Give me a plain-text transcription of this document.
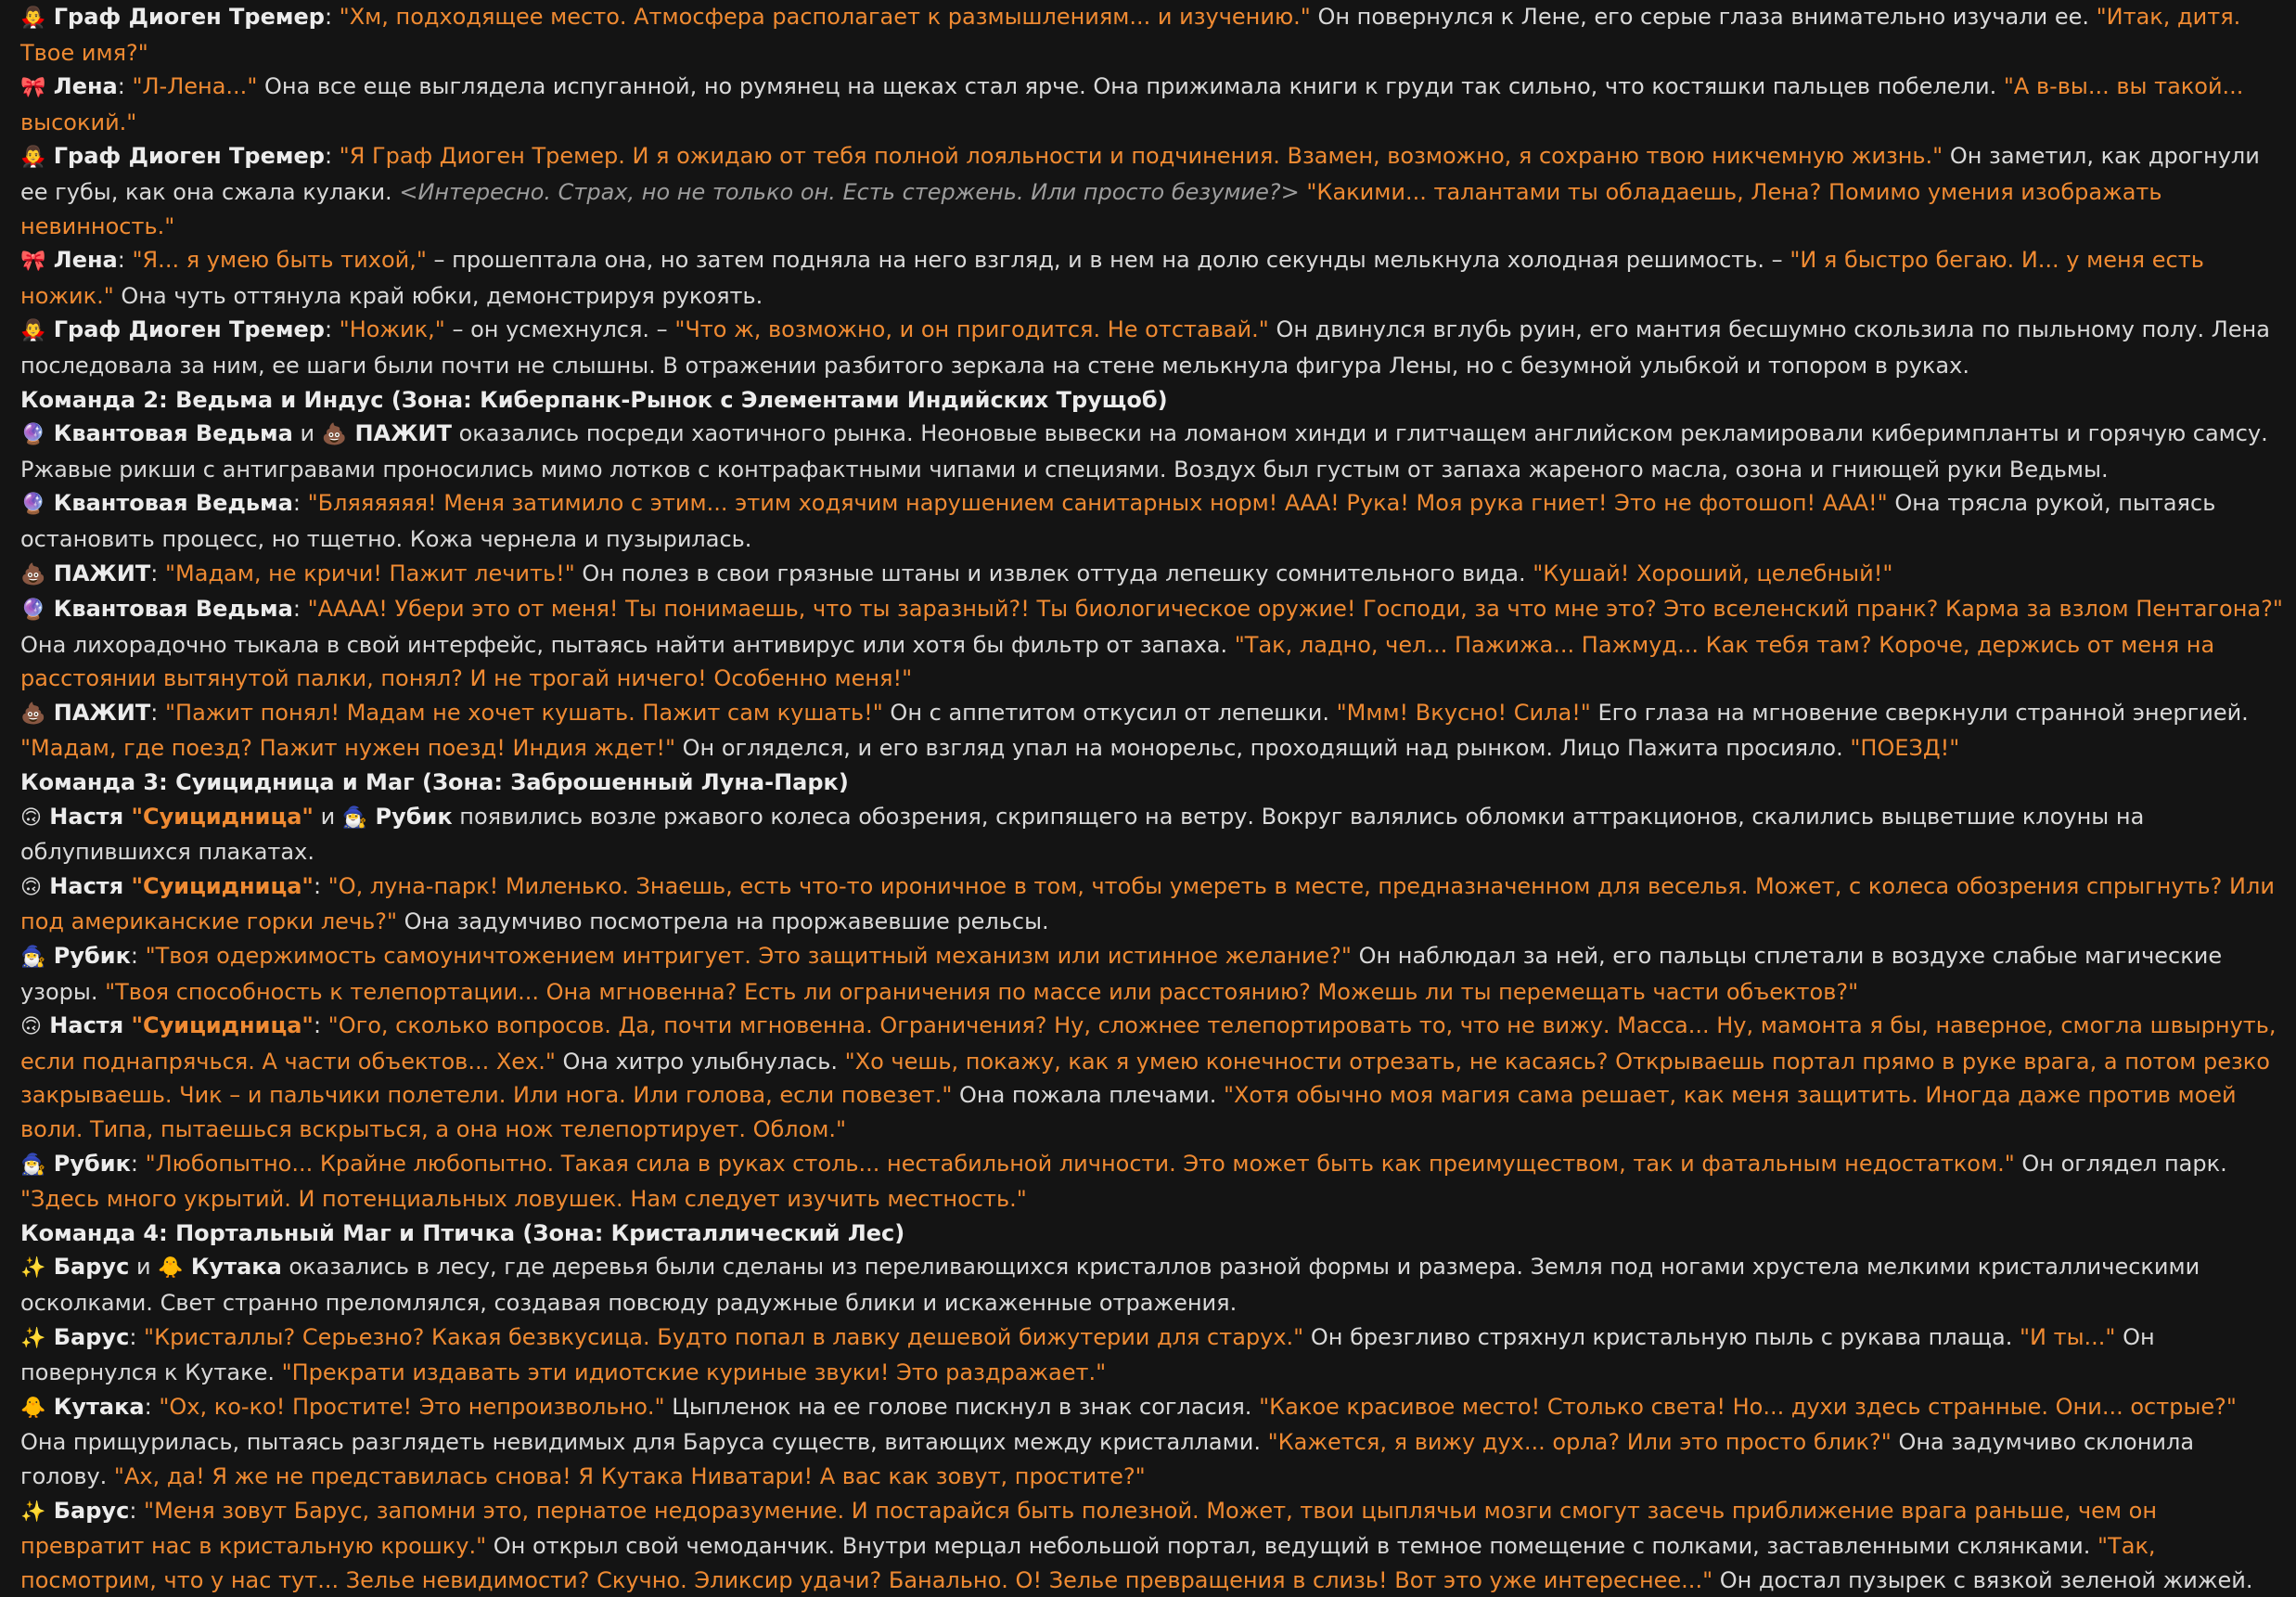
🧛‍♂️ Граф Диоген Тремер: "Хм, подходящее место. Атмосфера располагает к размышлениям... и изучению." Он повернулся к Лене, его серые глаза внимательно изучали ее. "Итак, дитя. Твое имя?"
🎀 Лена: "Л-Лена..." Она все еще выглядела испуганной, но румянец на щеках стал ярче. Она прижимала книги к груди так сильно, что костяшки пальцев побелели. "А в-вы... вы такой... высокий."
🧛‍♂️ Граф Диоген Тремер: "Я Граф Диоген Тремер. И я ожидаю от тебя полной лояльности и подчинения. Взамен, возможно, я сохраню твою никчемную жизнь." Он заметил, как дрогнули ее губы, как она сжала кулаки. <Интересно. Страх, но не только он. Есть стержень. Или просто безумие?> "Какими... талантами ты обладаешь, Лена? Помимо умения изображать невинность."
🎀 Лена: "Я... я умею быть тихой," – прошептала она, но затем подняла на него взгляд, и в нем на долю секунды мелькнула холодная решимость. – "И я быстро бегаю. И... у меня есть ножик." Она чуть оттянула край юбки, демонстрируя рукоять.
🧛‍♂️ Граф Диоген Тремер: "Ножик," – он усмехнулся. – "Что ж, возможно, и он пригодится. Не отставай." Он двинулся вглубь руин, его мантия бесшумно скользила по пыльному полу. Лена последовала за ним, ее шаги были почти не слышны. В отражении разбитого зеркала на стене мелькнула фигура Лены, но с безумной улыбкой и топором в руках.
Команда 2: Ведьма и Индус (Зона: Киберпанк-Рынок с Элементами Индийских Трущоб)
🔮 Квантовая Ведьма и 💩 ПАЖИТ оказались посреди хаотичного рынка. Неоновые вывески на ломаном хинди и глитчащем английском рекламировали киберимпланты и горячую самсу. Ржавые рикши с антигравами проносились мимо лотков с контрафактными чипами и специями. Воздух был густым от запаха жареного масла, озона и гниющей руки Ведьмы.
🔮 Квантовая Ведьма: "Бляяяяяя! Меня затимило с этим... этим ходячим нарушением санитарных норм! ААА! Рука! Моя рука гниет! Это не фотошоп! ААА!" Она трясла рукой, пытаясь остановить процесс, но тщетно. Кожа чернела и пузырилась.
💩 ПАЖИТ: "Мадам, не кричи! Пажит лечить!" Он полез в свои грязные штаны и извлек оттуда лепешку сомнительного вида. "Кушай! Хороший, целебный!"
🔮 Квантовая Ведьма: "АААА! Убери это от меня! Ты понимаешь, что ты заразный?! Ты биологическое оружие! Господи, за что мне это? Это вселенский пранк? Карма за взлом Пентагона?" Она лихорадочно тыкала в свой интерфейс, пытаясь найти антивирус или хотя бы фильтр от запаха. "Так, ладно, чел... Пажижа... Пажмуд... Как тебя там? Короче, держись от меня на расстоянии вытянутой палки, понял? И не трогай ничего! Особенно меня!"
💩 ПАЖИТ: "Пажит понял! Мадам не хочет кушать. Пажит сам кушать!" Он с аппетитом откусил от лепешки. "Ммм! Вкусно! Сила!" Его глаза на мгновение сверкнули странной энергией. "Мадам, где поезд? Пажит нужен поезд! Индия ждет!" Он огляделся, и его взгляд упал на монорельс, проходящий над рынком. Лицо Пажита просияло. "ПОЕЗД!"
Команда 3: Суицидница и Маг (Зона: Заброшенный Луна-Парк)
🙃 Настя "Суицидница" и 🧙‍♂️ Рубик появились возле ржавого колеса обозрения, скрипящего на ветру. Вокруг валялись обломки аттракционов, скалились выцветшие клоуны на облупившихся плакатах.
🙃 Настя "Суицидница": "О, луна-парк! Миленько. Знаешь, есть что-то ироничное в том, чтобы умереть в месте, предназначенном для веселья. Может, с колеса обозрения спрыгнуть? Или под американские горки лечь?" Она задумчиво посмотрела на проржавевшие рельсы.
🧙‍♂️ Рубик: "Твоя одержимость самоуничтожением интригует. Это защитный механизм или истинное желание?" Он наблюдал за ней, его пальцы сплетали в воздухе слабые магические узоры. "Твоя способность к телепортации... Она мгновенна? Есть ли ограничения по массе или расстоянию? Можешь ли ты перемещать части объектов?"
🙃 Настя "Суицидница": "Ого, сколько вопросов. Да, почти мгновенна. Ограничения? Ну, сложнее телепортировать то, что не вижу. Масса... Ну, мамонта я бы, наверное, смогла швырнуть, если поднапрячься. А части объектов... Хех." Она хитро улыбнулась. "Хо чешь, покажу, как я умею конечности отрезать, не касаясь? Открываешь портал прямо в руке врага, а потом резко закрываешь. Чик – и пальчики полетели. Или нога. Или голова, если повезет." Она пожала плечами. "Хотя обычно моя магия сама решает, как меня защитить. Иногда даже против моей воли. Типа, пытаешься вскрыться, а она нож телепортирует. Облом."
🧙‍♂️ Рубик: "Любопытно... Крайне любопытно. Такая сила в руках столь... нестабильной личности. Это может быть как преимуществом, так и фатальным недостатком." Он оглядел парк. "Здесь много укрытий. И потенциальных ловушек. Нам следует изучить местность."
Команда 4: Портальный Маг и Птичка (Зона: Кристаллический Лес)
✨ Барус и 🐥 Кутака оказались в лесу, где деревья были сделаны из переливающихся кристаллов разной формы и размера. Земля под ногами хрустела мелкими кристаллическими осколками. Свет странно преломлялся, создавая повсюду радужные блики и искаженные отражения.
✨ Барус: "Кристаллы? Серьезно? Какая безвкусица. Будто попал в лавку дешевой бижутерии для старух." Он брезгливо стряхнул кристальную пыль с рукава плаща. "И ты..." Он повернулся к Кутаке. "Прекрати издавать эти идиотские куриные звуки! Это раздражает."
🐥 Кутака: "Ох, ко-ко! Простите! Это непроизвольно." Цыпленок на ее голове пискнул в знак согласия. "Какое красивое место! Столько света! Но... духи здесь странные. Они... острые?" Она прищурилась, пытаясь разглядеть невидимых для Баруса существ, витающих между кристаллами. "Кажется, я вижу дух... орла? Или это просто блик?" Она задумчиво склонила голову. "Ах, да! Я же не представилась снова! Я Кутака Ниватари! А вас как зовут, простите?"
✨ Барус: "Меня зовут Барус, запомни это, пернатое недоразумение. И постарайся быть полезной. Может, твои цыплячьи мозги смогут засечь приближение врага раньше, чем он превратит нас в кристальную крошку." Он открыл свой чемоданчик. Внутри мерцал небольшой портал, ведущий в темное помещение с полками, заставленными склянками. "Так, посмотрим, что у нас тут... Зелье невидимости? Скучно. Эликсир удачи? Банально. О! Зелье превращения в слизь! Вот это уже интереснее..." Он достал пузырек с вязкой зеленой жижей.
